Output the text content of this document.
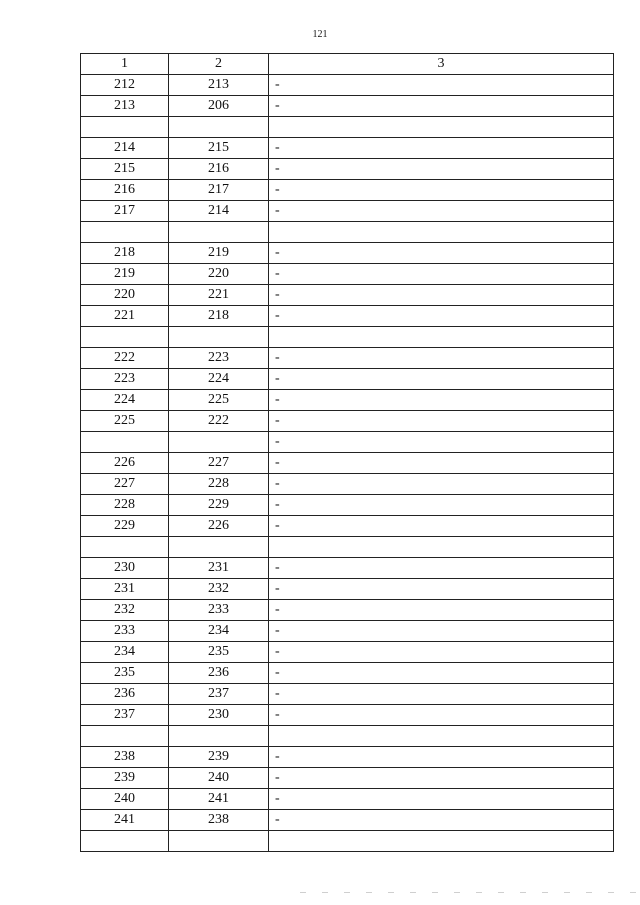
121
1	2	3
212	213	-
213	206	-

214	215	-
215	216	-
216	217	-
217	214	-

218	219	-
219	220	-
220	221	-
221	218	-

222	223	-
223	224	-
224	225	-
225	222	-
		-
226	227	-
227	228	-
228	229	-
229	226	-

230	231	-
231	232	-
232	233	-
233	234	-
234	235	-
235	236	-
236	237	-
237	230	-

238	239	-
239	240	-
240	241	-
241	238	-
